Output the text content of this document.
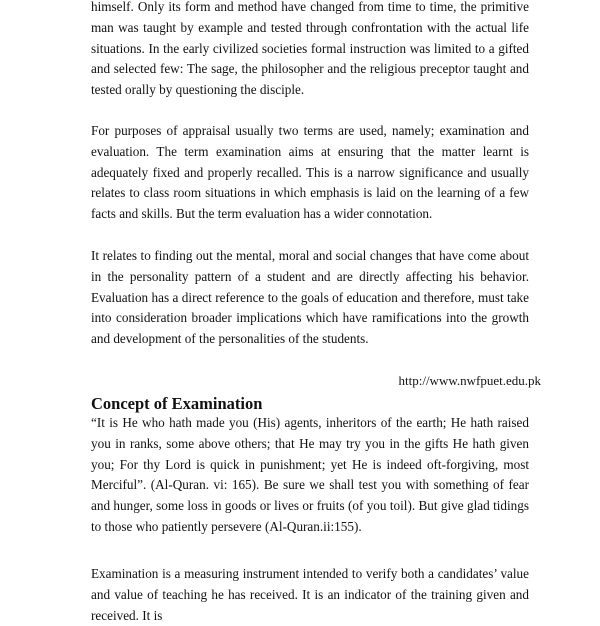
himself. Only its form and method have changed from time to time, the primitive man was taught by example and tested through confrontation with the actual life situations. In the early civilized societies formal instruction was limited to a gifted and selected few: The sage, the philosopher and the religious preceptor taught and tested orally by questioning the disciple.

For purposes of appraisal usually two terms are used, namely; examination and evaluation. The term examination aims at ensuring that the matter learnt is adequately fixed and properly recalled. This is a narrow significance and usually relates to class room situations in which emphasis is laid on the learning of a few facts and skills. But the term evaluation has a wider connotation.

It relates to finding out the mental, moral and social changes that have come about in the personality pattern of a student and are directly affecting his behavior. Evaluation has a direct reference to the goals of education and therefore, must take into consideration broader implications which have ramifications into the growth and development of the personalities of the students.

http://www.nwfpuet.edu.pk

Concept of Examination

“It is He who hath made you (His) agents, inheritors of the earth; He hath raised you in ranks, some above others; that He may try you in the gifts He hath given you; For thy Lord is quick in punishment; yet He is indeed oft-forgiving, most Merciful”. (Al-Quran. vi: 165). Be sure we shall test you with something of fear and hunger, some loss in goods or lives or fruits (of you toil). But give glad tidings to those who patiently persevere (Al-Quran.ii:155).

Examination is a measuring instrument intended to verify both a candidates’ value and value of teaching he has received. It is an indicator of the training given and received. It is
